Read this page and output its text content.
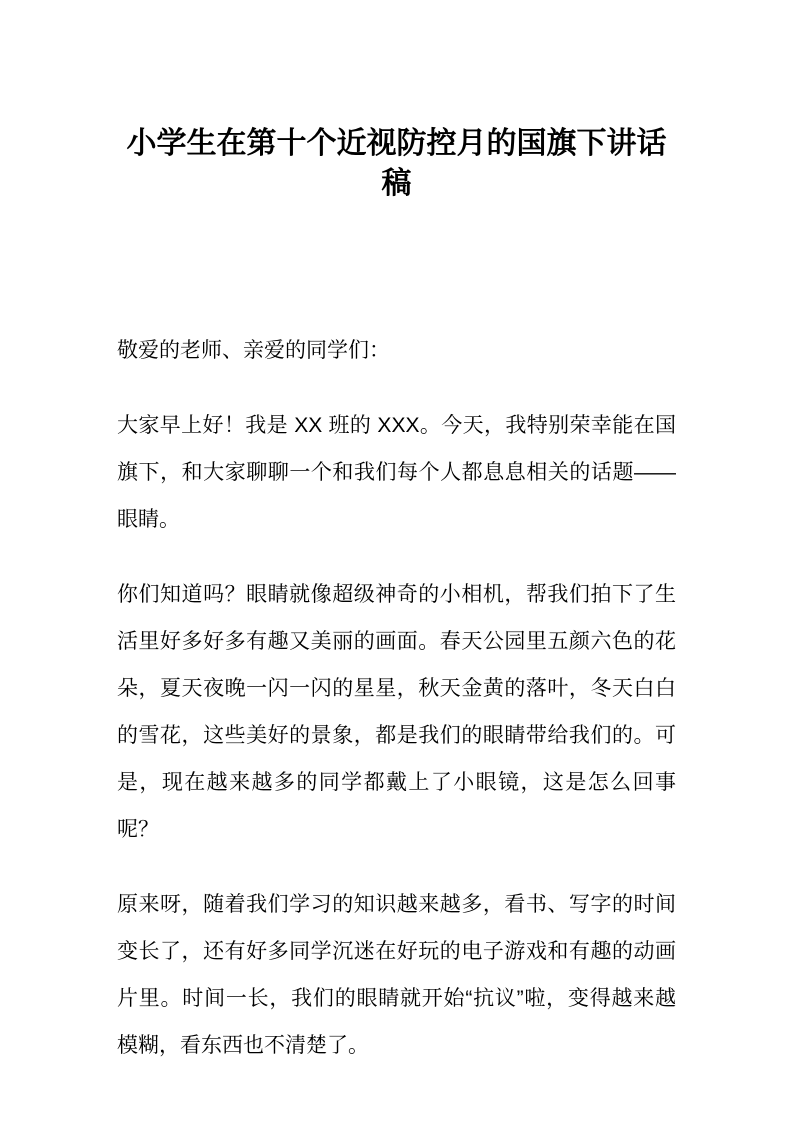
小学生在第十个近视防控月的国旗下讲话稿

敬爱的老师、亲爱的同学们：

大家早上好！我是 XX 班的 XXX。今天，我特别荣幸能在国旗下，和大家聊聊一个和我们每个人都息息相关的话题——眼睛。

你们知道吗？眼睛就像超级神奇的小相机，帮我们拍下了生活里好多好多有趣又美丽的画面。春天公园里五颜六色的花朵，夏天夜晚一闪一闪的星星，秋天金黄的落叶，冬天白白的雪花，这些美好的景象，都是我们的眼睛带给我们的。可是，现在越来越多的同学都戴上了小眼镜，这是怎么回事呢？

原来呀，随着我们学习的知识越来越多，看书、写字的时间变长了，还有好多同学沉迷在好玩的电子游戏和有趣的动画片里。时间一长，我们的眼睛就开始“抗议”啦，变得越来越模糊，看东西也不清楚了。
